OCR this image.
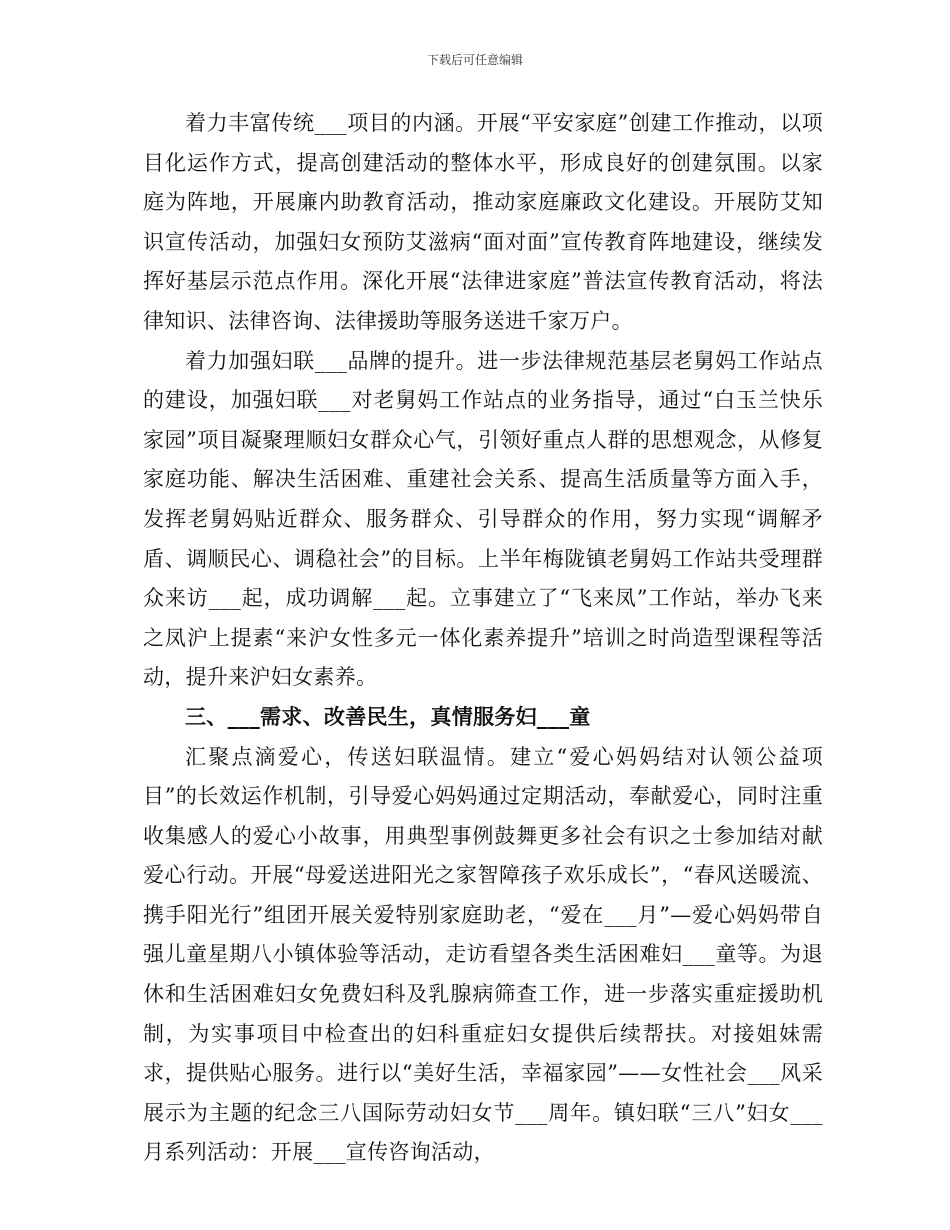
下载后可任意编辑

着力丰富传统___项目的内涵。开展“平安家庭”创建工作推动，以项目化运作方式，提高创建活动的整体水平，形成良好的创建氛围。以家庭为阵地，开展廉内助教育活动，推动家庭廉政文化建设。开展防艾知识宣传活动，加强妇女预防艾滋病“面对面”宣传教育阵地建设，继续发挥好基层示范点作用。深化开展“法律进家庭”普法宣传教育活动，将法律知识、法律咨询、法律援助等服务送进千家万户。

着力加强妇联___品牌的提升。进一步法律规范基层老舅妈工作站点的建设，加强妇联___对老舅妈工作站点的业务指导，通过“白玉兰快乐家园”项目凝聚理顺妇女群众心气，引领好重点人群的思想观念，从修复家庭功能、解决生活困难、重建社会关系、提高生活质量等方面入手，发挥老舅妈贴近群众、服务群众、引导群众的作用，努力实现“调解矛盾、调顺民心、调稳社会”的目标。上半年梅陇镇老舅妈工作站共受理群众来访___起，成功调解___起。立事建立了“飞来凤”工作站，举办飞来之凤沪上提素“来沪女性多元一体化素养提升”培训之时尚造型课程等活动，提升来沪妇女素养。

三、___需求、改善民生，真情服务妇___童

汇聚点滴爱心，传送妇联温情。建立“爱心妈妈结对认领公益项目”的长效运作机制，引导爱心妈妈通过定期活动，奉献爱心，同时注重收集感人的爱心小故事，用典型事例鼓舞更多社会有识之士参加结对献爱心行动。开展“母爱送进阳光之家智障孩子欢乐成长”，“春风送暖流、携手阳光行”组团开展关爱特别家庭助老，“爱在___月”—爱心妈妈带自强儿童星期八小镇体验等活动，走访看望各类生活困难妇___童等。为退休和生活困难妇女免费妇科及乳腺病筛查工作，进一步落实重症援助机制，为实事项目中检查出的妇科重症妇女提供后续帮扶。对接姐妹需求，提供贴心服务。进行以“美好生活，幸福家园”——女性社会___风采展示为主题的纪念三八国际劳动妇女节___周年。镇妇联“三八”妇女___月系列活动：开展___宣传咨询活动，
